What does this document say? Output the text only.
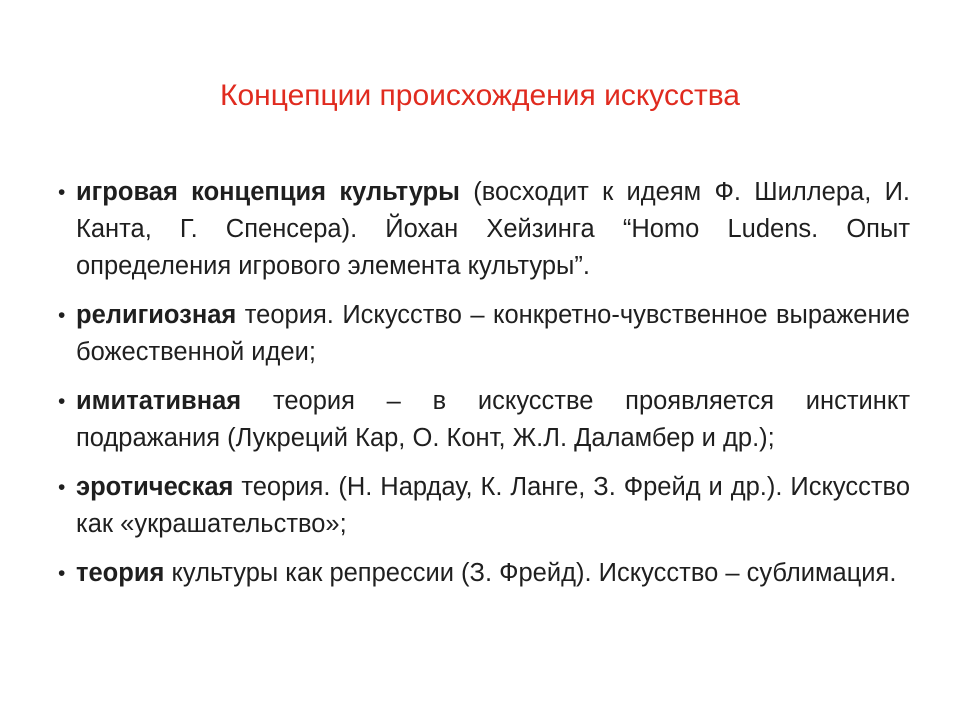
Концепции происхождения искусства
• игровая концепция культуры (восходит к идеям Ф. Шиллера, И. Канта, Г. Спенсера). Йохан Хейзинга “Homo Ludens. Опыт определения игрового элемента культуры”.
• религиозная теория. Искусство – конкретно-чувственное выражение божественной идеи;
• имитативная теория – в искусстве проявляется инстинкт подражания (Лукреций Кар, О. Конт, Ж.Л. Даламбер и др.);
• эротическая теория. (Н. Нардау, К. Ланге, З. Фрейд и др.). Искусство как «украшательство»;
• теория культуры как репрессии (З. Фрейд). Искусство – сублимация.
